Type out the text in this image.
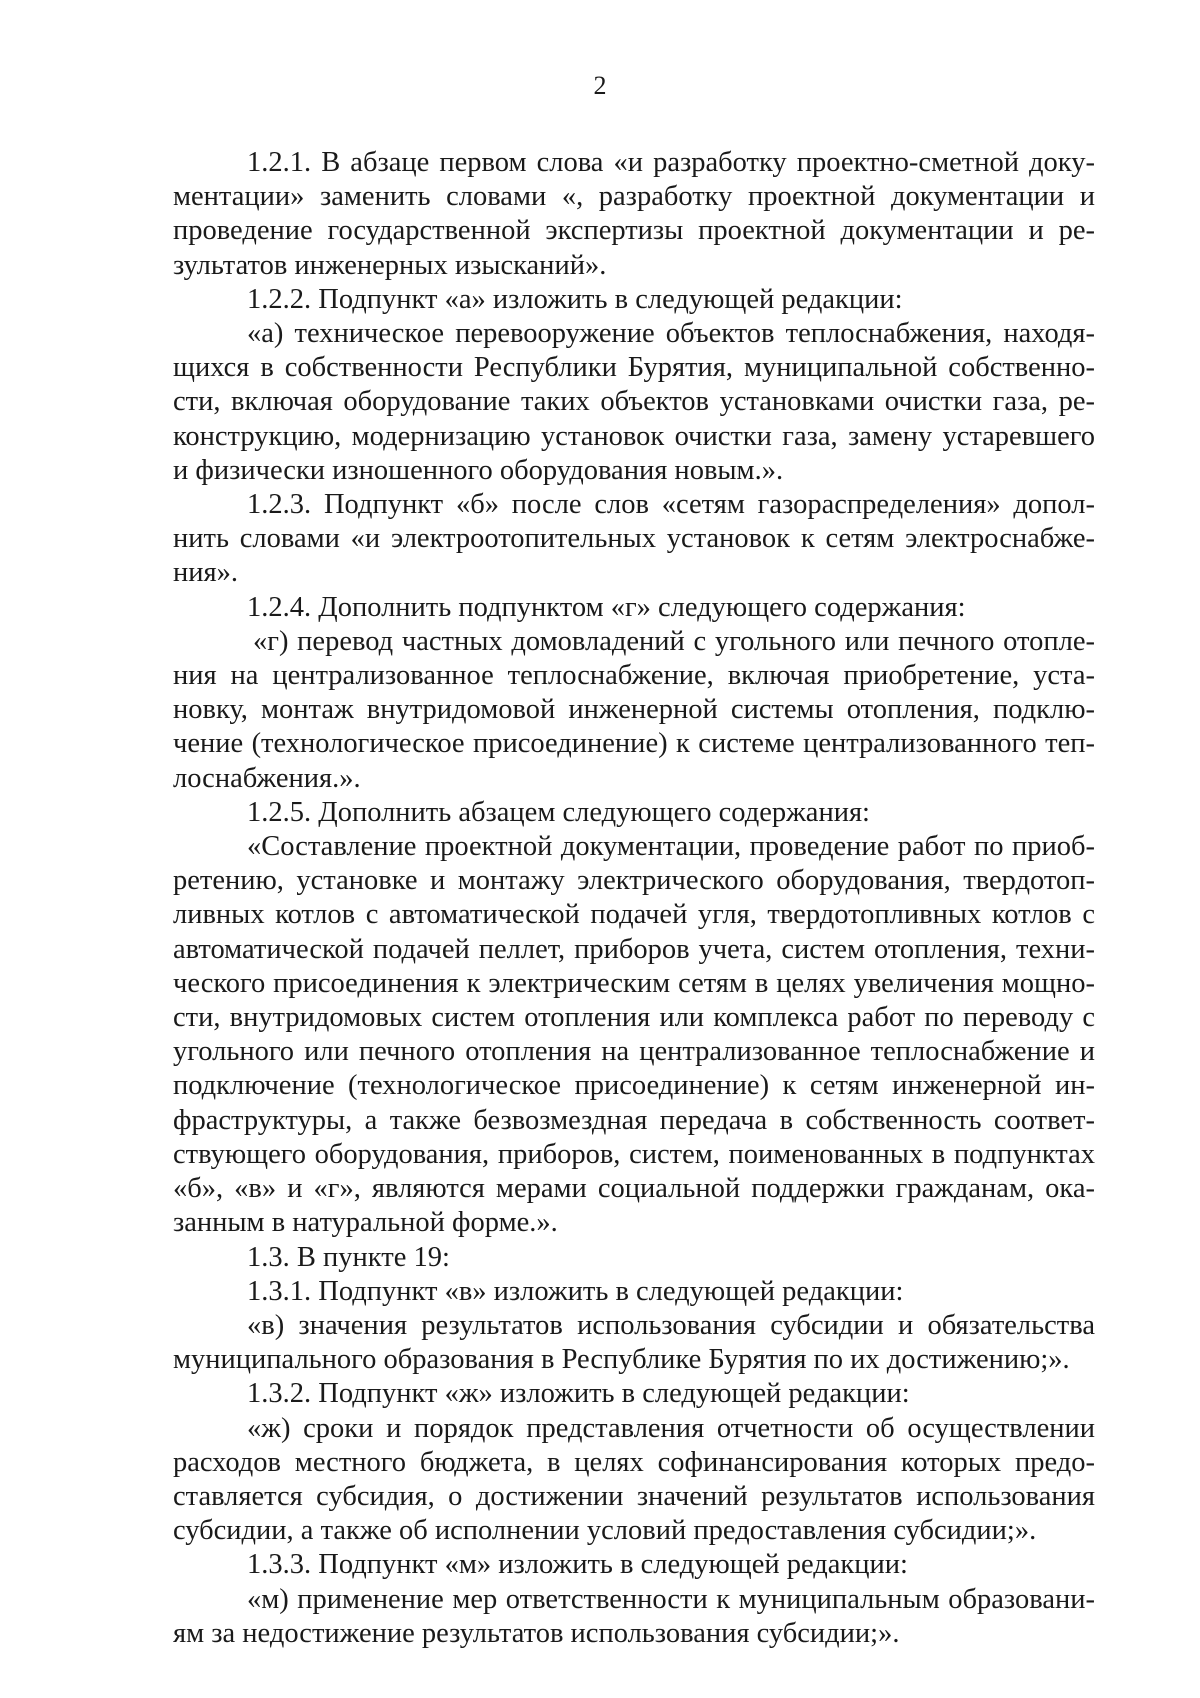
2

1.2.1. В абзаце первом слова «и разработку проектно-сметной документации» заменить словами «, разработку проектной документации и проведение государственной экспертизы проектной документации и результатов инженерных изысканий».

1.2.2. Подпункт «а» изложить в следующей редакции:

«а) техническое перевооружение объектов теплоснабжения, находящихся в собственности Республики Бурятия, муниципальной собственности, включая оборудование таких объектов установками очистки газа, реконструкцию, модернизацию установок очистки газа, замену устаревшего и физически изношенного оборудования новым.».

1.2.3. Подпункт «б» после слов «сетям газораспределения» дополнить словами «и электроотопительных установок к сетям электроснабжения».

1.2.4. Дополнить подпунктом «г» следующего содержания:

«г) перевод частных домовладений с угольного или печного отопления на централизованное теплоснабжение, включая приобретение, установку, монтаж внутридомовой инженерной системы отопления, подключение (технологическое присоединение) к системе централизованного теплоснабжения.».

1.2.5. Дополнить абзацем следующего содержания:

«Составление проектной документации, проведение работ по приобретению, установке и монтажу электрического оборудования, твердотопливных котлов с автоматической подачей угля, твердотопливных котлов с автоматической подачей пеллет, приборов учета, систем отопления, технического присоединения к электрическим сетям в целях увеличения мощности, внутридомовых систем отопления или комплекса работ по переводу с угольного или печного отопления на централизованное теплоснабжение и подключение (технологическое присоединение) к сетям инженерной инфраструктуры, а также безвозмездная передача в собственность соответствующего оборудования, приборов, систем, поименованных в подпунктах «б», «в» и «г», являются мерами социальной поддержки гражданам, оказанным в натуральной форме.».

1.3. В пункте 19:

1.3.1. Подпункт «в» изложить в следующей редакции:

«в) значения результатов использования субсидии и обязательства муниципального образования в Республике Бурятия по их достижению;».

1.3.2. Подпункт «ж» изложить в следующей редакции:

«ж) сроки и порядок представления отчетности об осуществлении расходов местного бюджета, в целях софинансирования которых предоставляется субсидия, о достижении значений результатов использования субсидии, а также об исполнении условий предоставления субсидии;».

1.3.3. Подпункт «м» изложить в следующей редакции:

«м) применение мер ответственности к муниципальным образованиям за недостижение результатов использования субсидии;».
